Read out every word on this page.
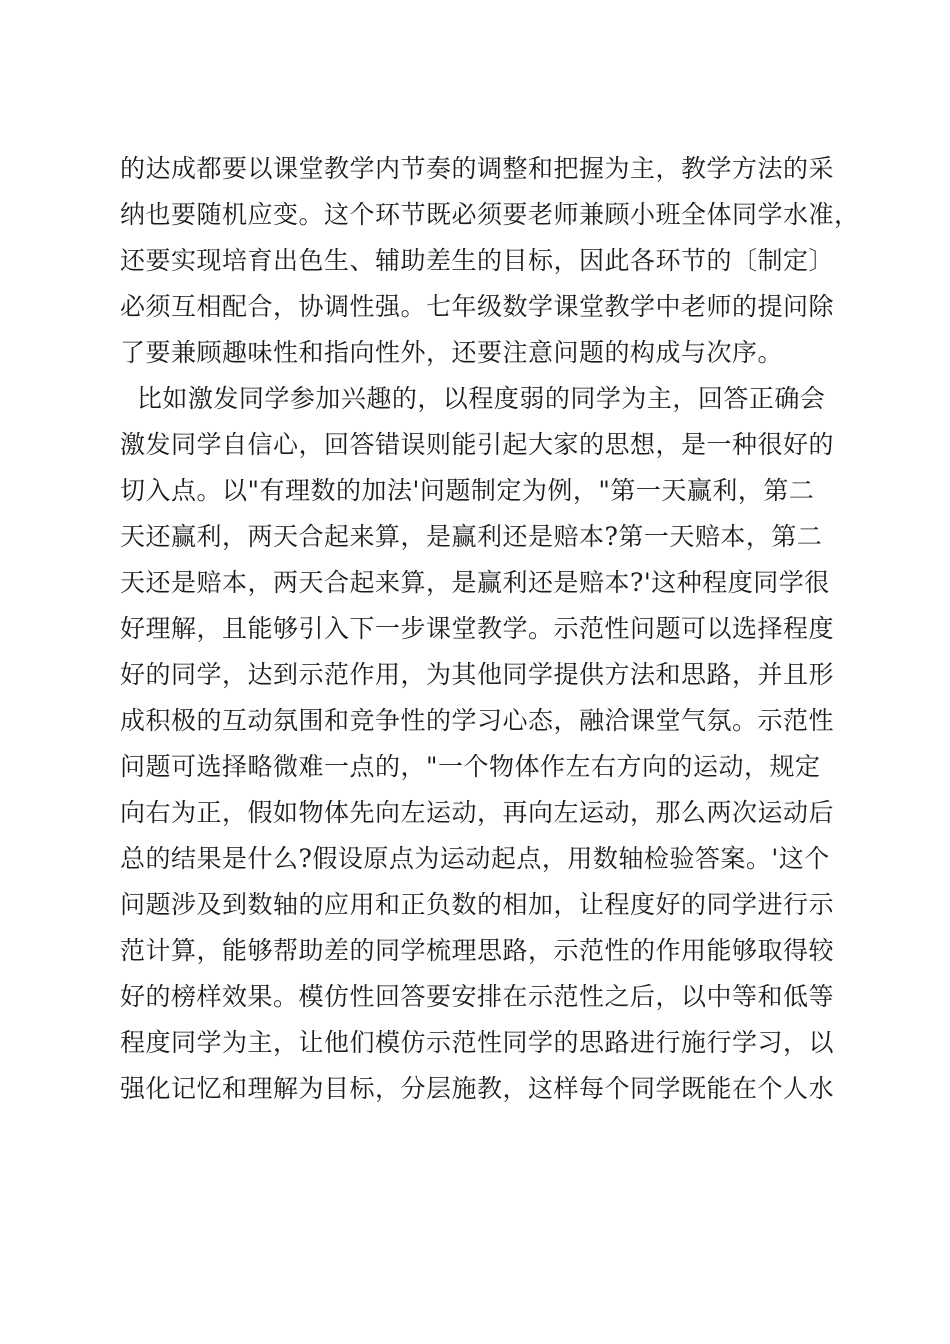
的达成都要以课堂教学内节奏的调整和把握为主，教学方法的采
纳也要随机应变。这个环节既必须要老师兼顾小班全体同学水准，
还要实现培育出色生、辅助差生的目标，因此各环节的〔制定〕
必须互相配合，协调性强。七年级数学课堂教学中老师的提问除
了要兼顾趣味性和指向性外，还要注意问题的构成与次序。
比如激发同学参加兴趣的，以程度弱的同学为主，回答正确会
激发同学自信心，回答错误则能引起大家的思想，是一种很好的
切入点。以"有理数的加法'问题制定为例，"第一天赢利，第二
天还赢利，两天合起来算，是赢利还是赔本?第一天赔本，第二
天还是赔本，两天合起来算，是赢利还是赔本?'这种程度同学很
好理解，且能够引入下一步课堂教学。示范性问题可以选择程度
好的同学，达到示范作用，为其他同学提供方法和思路，并且形
成积极的互动氛围和竞争性的学习心态，融洽课堂气氛。示范性
问题可选择略微难一点的，"一个物体作左右方向的运动，规定
向右为正，假如物体先向左运动，再向左运动，那么两次运动后
总的结果是什么?假设原点为运动起点，用数轴检验答案。'这个
问题涉及到数轴的应用和正负数的相加，让程度好的同学进行示
范计算，能够帮助差的同学梳理思路，示范性的作用能够取得较
好的榜样效果。模仿性回答要安排在示范性之后，以中等和低等
程度同学为主，让他们模仿示范性同学的思路进行施行学习，以
强化记忆和理解为目标，分层施教，这样每个同学既能在个人水
